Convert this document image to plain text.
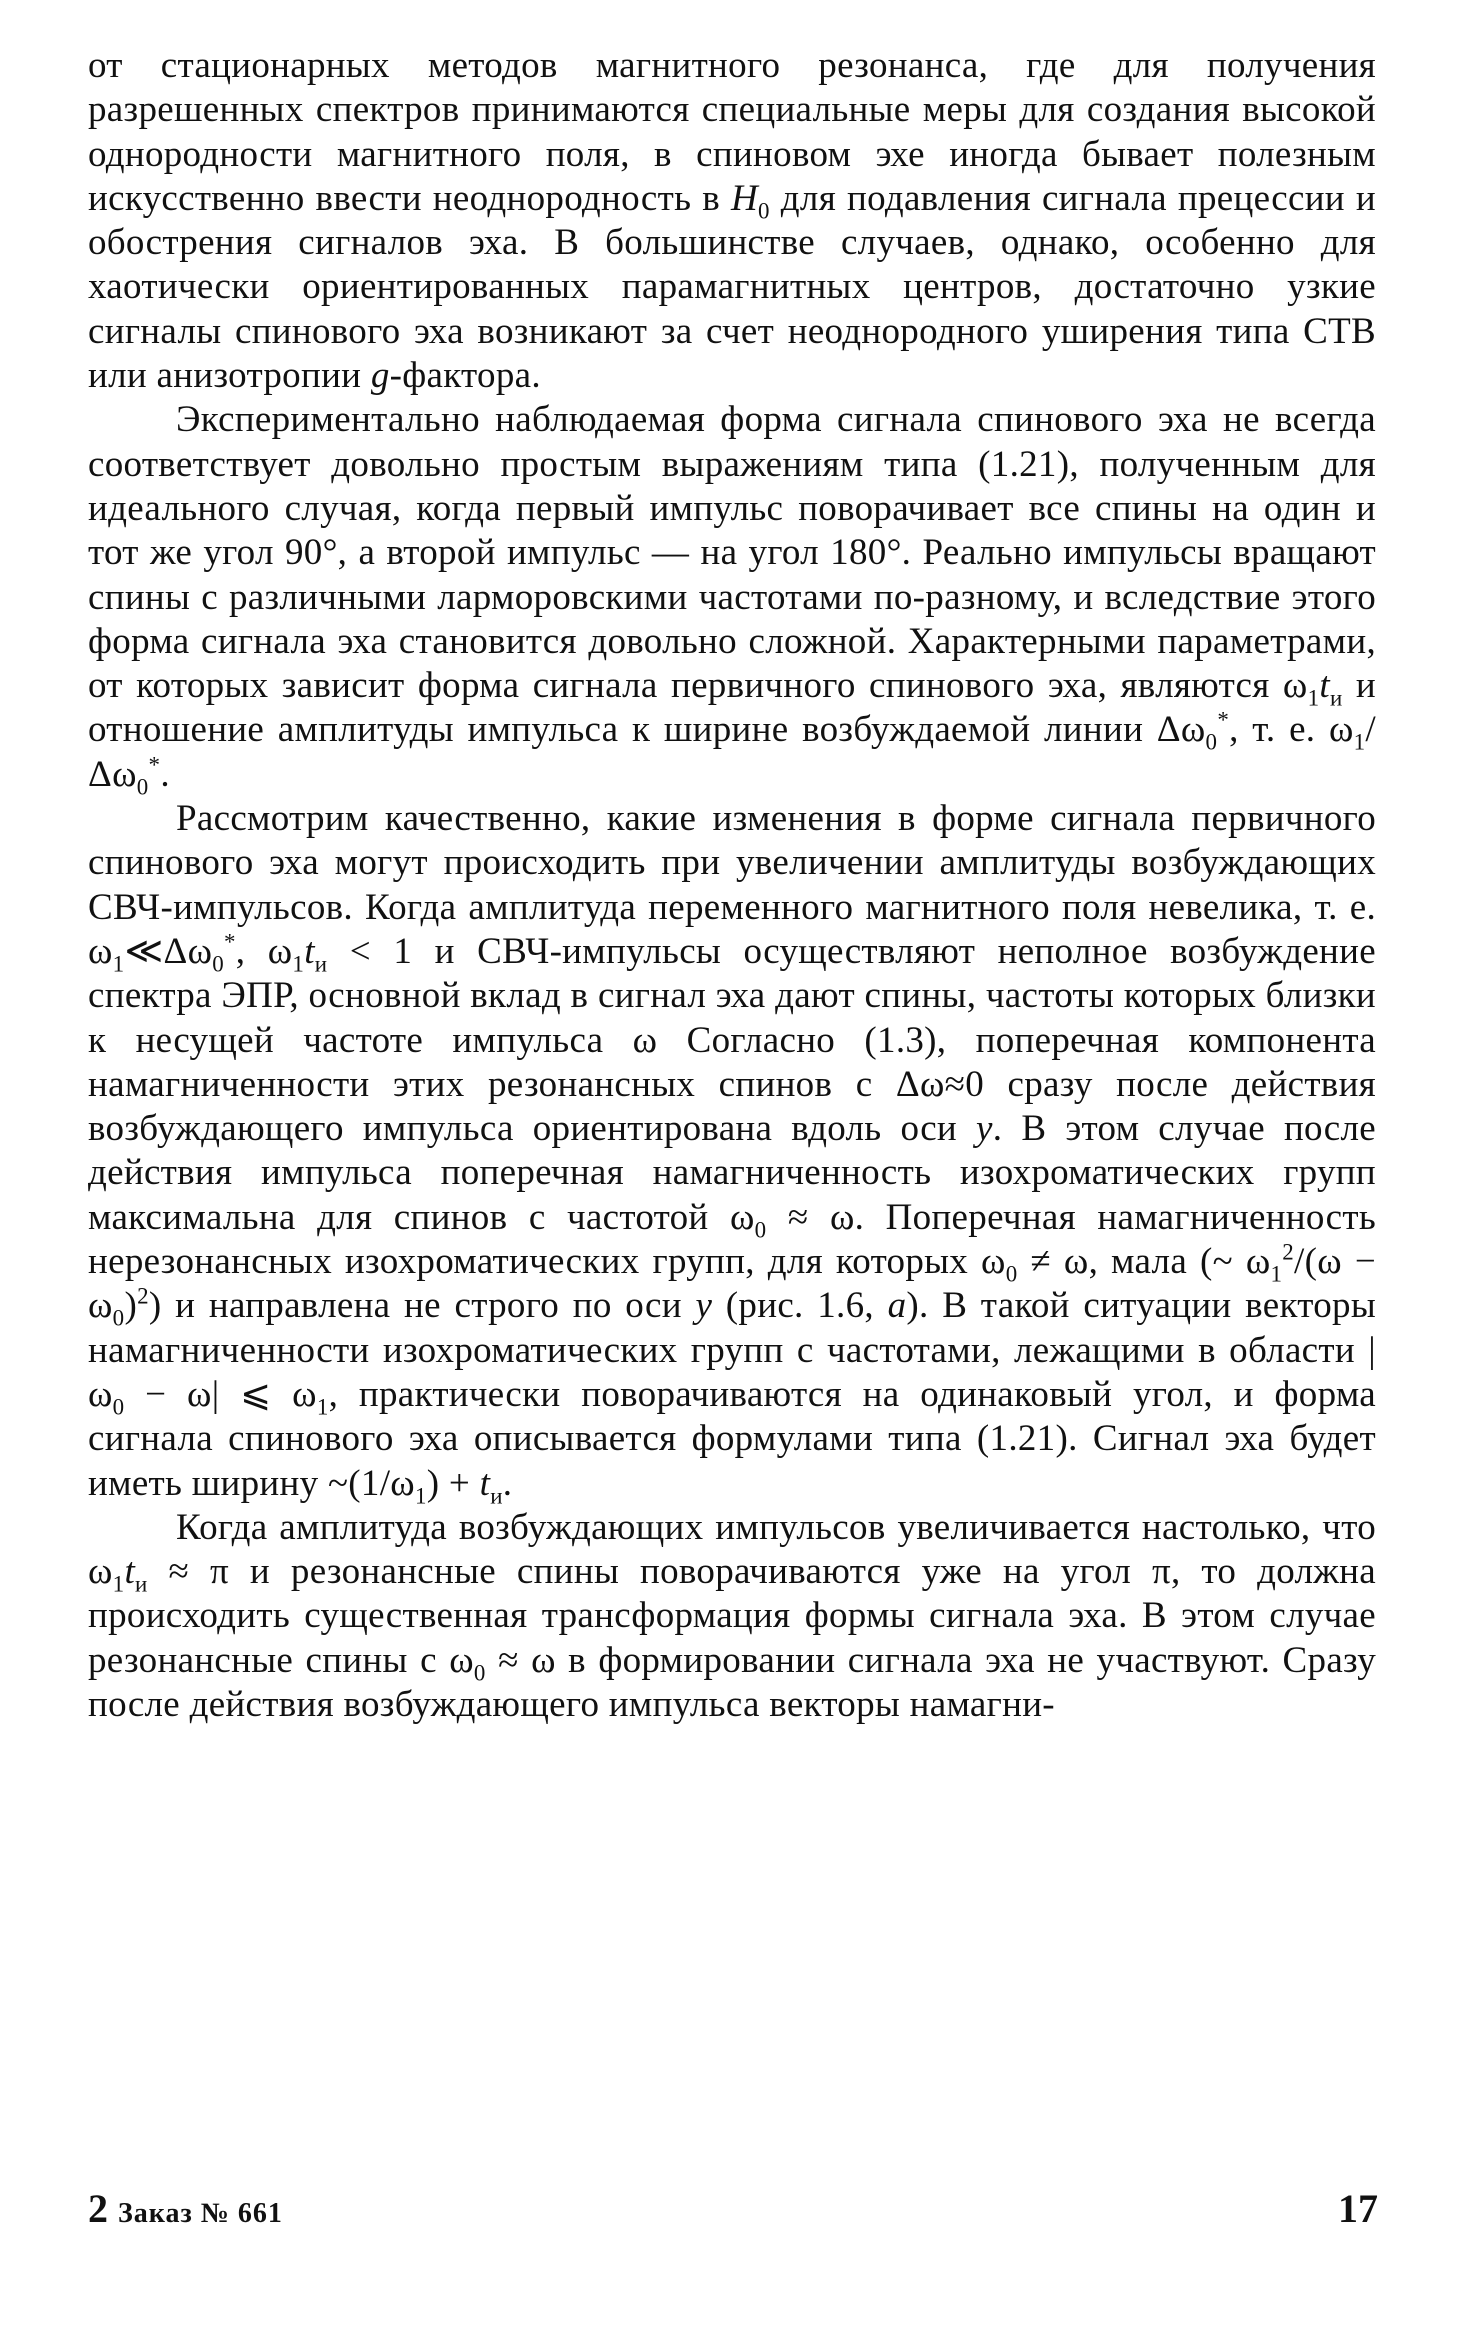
от стационарных методов магнитного резонанса, где для получения разрешенных спектров принимаются специальные меры для создания высокой однородности магнитного поля, в спиновом эхе иногда бывает полезным искусственно ввести неоднородность в $H_0$ для подавления сигнала прецессии и обострения сигналов эха. В большинстве случаев, однако, особенно для хаотически ориентированных парамагнитных центров, достаточно узкие сигналы спинового эха возникают за счет неоднородного уширения типа СТВ или анизотропии g-фактора.

Экспериментально наблюдаемая форма сигнала спинового эха не всегда соответствует довольно простым выражениям типа (1.21), полученным для идеального случая, когда первый импульс поворачивает все спины на один и тот же угол 90°, а второй импульс — на угол 180°. Реально импульсы вращают спины с различными ларморовскими частотами по-разному, и вследствие этого форма сигнала эха становится довольно сложной. Характерными параметрами, от которых зависит форма сигнала первичного спинового эха, являются $\omega_1t_и$ и отношение амплитуды импульса к ширине возбуждаемой линии $\Delta\omega_0^*$, т. е. $\omega_1/\Delta\omega_0^*$.

Рассмотрим качественно, какие изменения в форме сигнала первичного спинового эха могут происходить при увеличении амплитуды возбуждающих СВЧ-импульсов. Когда амплитуда переменного магнитного поля невелика, т. е. $\omega_1≪\Delta\omega_0^*$, $\omega_1t_и < 1$ и СВЧ-импульсы осуществляют неполное возбуждение спектра ЭПР, основной вклад в сигнал эха дают спины, частоты которых близки к несущей частоте импульса ω Согласно (1.3), поперечная компонента намагниченности этих резонансных спинов с Δω≈0 сразу после действия возбуждающего импульса ориентирована вдоль оси y. В этом случае после действия импульса поперечная намагниченность изохроматических групп максимальна для спинов с частотой $\omega_0 \approx \omega$. Поперечная намагниченность нерезонансных изохроматических групп, для которых $\omega_0 \ne \omega$, мала (~ $\omega_1^2/(\omega - \omega_0)^2$) и направлена не строго по оси y (рис. 1.6, а). В такой ситуации векторы намагниченности изохроматических групп с частотами, лежащими в области $|\omega_0 - \omega|$ ⩽ $\omega_1$, практически поворачиваются на одинаковый угол, и форма сигнала спинового эха описывается формулами типа (1.21). Сигнал эха будет иметь ширину $\sim(1/\omega_1) + t_и$.

Когда амплитуда возбуждающих импульсов увеличивается настолько, что $\omega_1t_и \approx \pi$ и резонансные спины поворачиваются уже на угол π, то должна происходить существенная трансформация формы сигнала эха. В этом случае резонансные спины с $\omega_0 \approx \omega$ в формировании сигнала эха не участвуют. Сразу после действия возбуждающего импульса векторы намагни-

2 Заказ № 661	17
